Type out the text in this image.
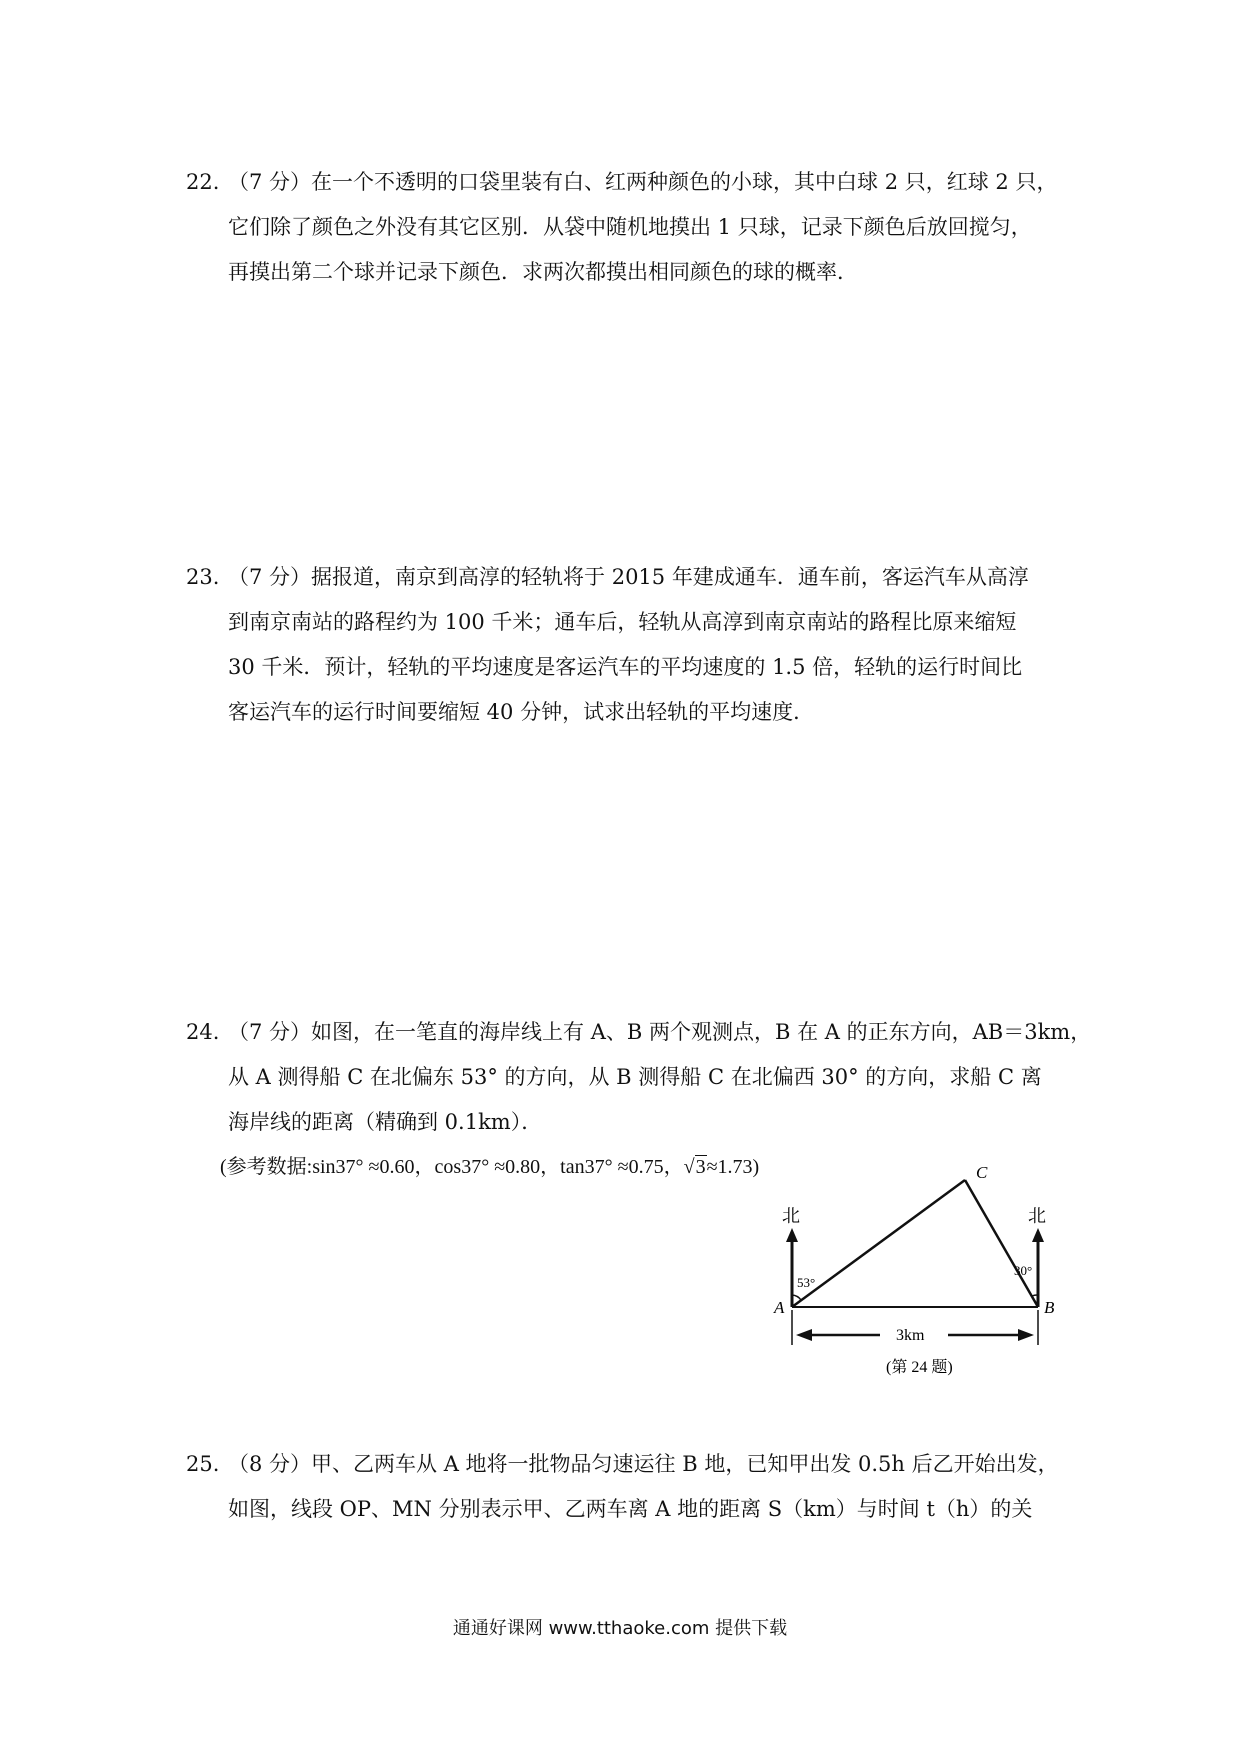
22. （7 分）在一个不透明的口袋里装有白、红两种颜色的小球，其中白球 2 只，红球 2 只，
它们除了颜色之外没有其它区别．从袋中随机地摸出 1 只球，记录下颜色后放回搅匀，
再摸出第二个球并记录下颜色．求两次都摸出相同颜色的球的概率．
23. （7 分）据报道，南京到高淳的轻轨将于 2015 年建成通车．通车前，客运汽车从高淳
到南京南站的路程约为 100 千米；通车后，轻轨从高淳到南京南站的路程比原来缩短
30 千米．预计，轻轨的平均速度是客运汽车的平均速度的 1.5 倍，轻轨的运行时间比
客运汽车的运行时间要缩短 40 分钟，试求出轻轨的平均速度．
24. （7 分）如图，在一笔直的海岸线上有 A、B 两个观测点，B 在 A 的正东方向，AB＝3km，
从 A 测得船 C 在北偏东 53° 的方向，从 B 测得船 C 在北偏西 30° 的方向，求船 C 离
海岸线的距离（精确到 0.1km）．
(参考数据:sin37° ≈0.60，cos37° ≈0.80，tan37° ≈0.75，√3≈1.73)	C
A	B
北	北
53°
30°
3km
(第 24 题)
25. （8 分）甲、乙两车从 A 地将一批物品匀速运往 B 地，已知甲出发 0.5h 后乙开始出发，
如图，线段 OP、MN 分别表示甲、乙两车离 A 地的距离 S（km）与时间 t（h）的关
通通好课网 www.tthaoke.com 提供下载
